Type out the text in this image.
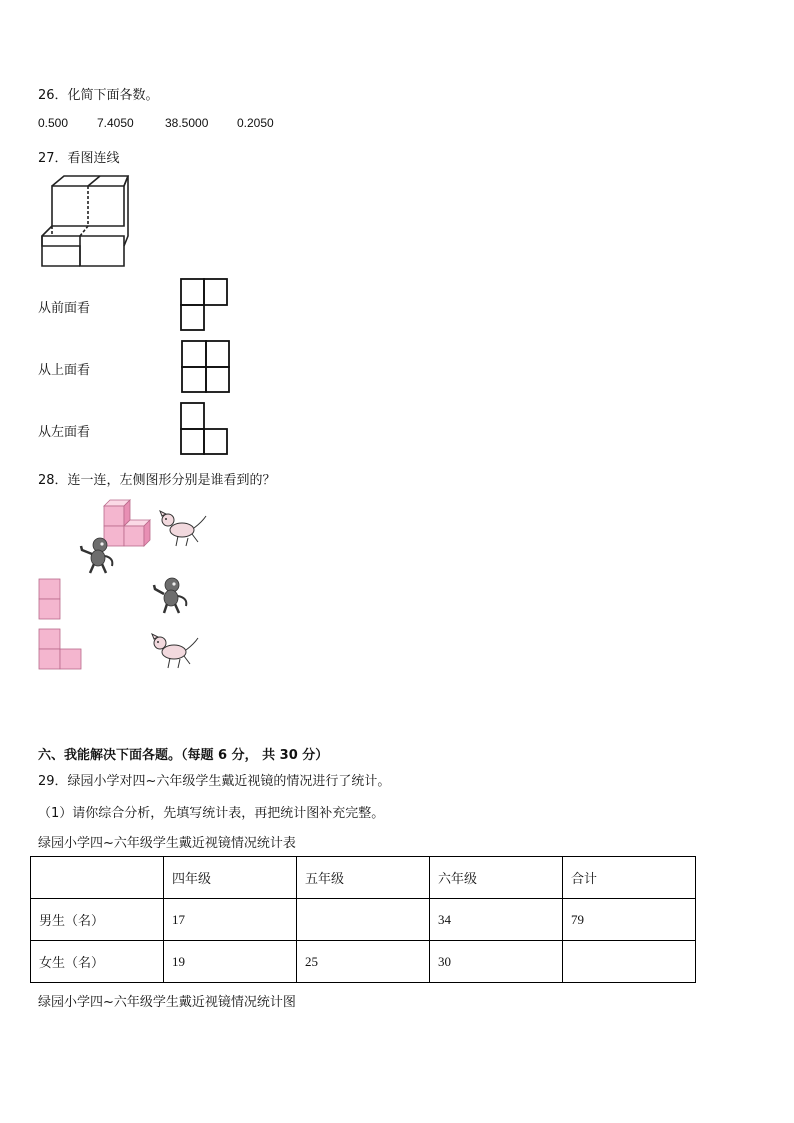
26．化简下面各数。
0.500 7.4050	38.5000 0.2050
27．看图连线
从前面看
从上面看
从左面看
28．连一连，左侧图形分别是谁看到的？
六、我能解决下面各题。（每题 6 分， 共 30 分）
29．绿园小学对四~六年级学生戴近视镜的情况进行了统计。
（1）请你综合分析，先填写统计表，再把统计图补充完整。
绿园小学四~六年级学生戴近视镜情况统计表
	四年级	五年级	六年级	合计
男生（名）	17		34	79
女生（名）	19	25	30	
绿园小学四~六年级学生戴近视镜情况统计图
